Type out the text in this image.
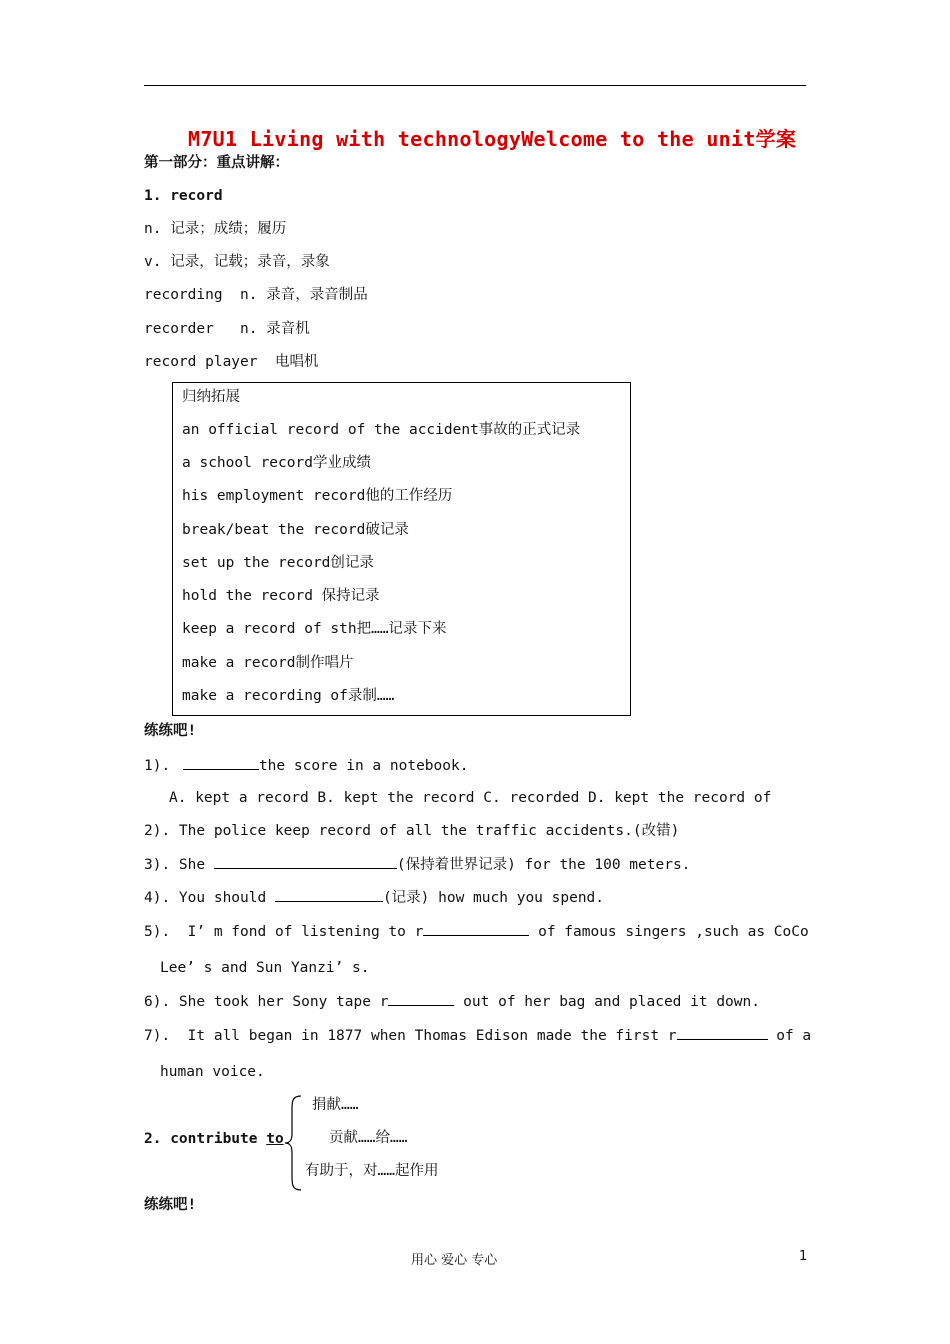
M7U1 Living with technologyWelcome to the unit学案
第一部分：重点讲解：
1. record
n. 记录；成绩；履历
v. 记录，记载；录音，录象
recording  n. 录音，录音制品
recorder   n. 录音机
record player  电唱机
归纳拓展
an official record of the accident事故的正式记录
a school record学业成绩
his employment record他的工作经历
break/beat the record破记录
set up the record创记录
hold the record 保持记录
keep a record of sth把……记录下来
make a record制作唱片
make a recording of录制……
练练吧!
1).	the score in a notebook.
A. kept a record B. kept the record C. recorded D. kept the record of
2). The police keep record of all the traffic accidents.(改错)
3). She	(保持着世界记录) for the 100 meters.
4). You should	(记录) how much you spend.
5).  I’ m fond of listening to r	of famous singers ,such as CoCo
Lee’ s and Sun Yanzi’ s.
6). She took her Sony tape r	out of her bag and placed it down.
7).  It all began in 1877 when Thomas Edison made the first r	of a
human voice.
2. contribute to
捐献……
贡献……给……
有助于，对……起作用
练练吧!
用心 爱心 专心	1
